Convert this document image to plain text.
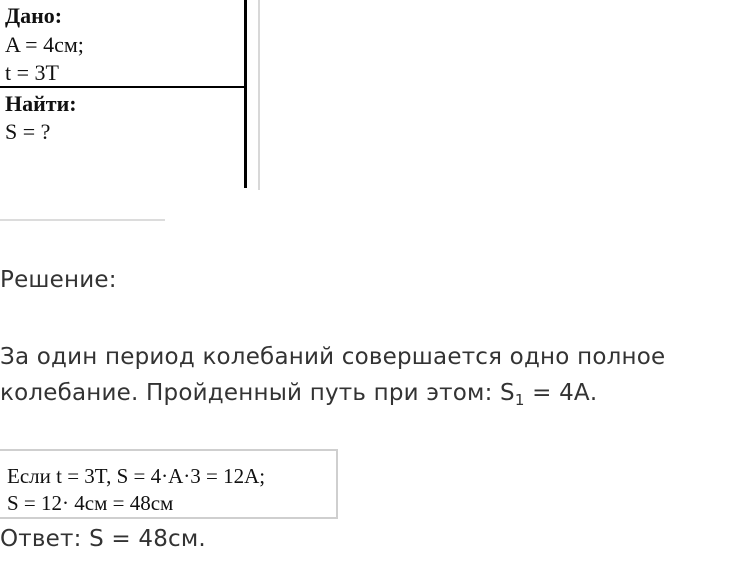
Дано:
A = 4см;
t = 3T
Найти:
S = ?
Решение:
За один период колебаний совершается одно полное
колебание. Пройденный путь при этом: $S_1 = 4А$.
Если t = 3T, S = 4·A·3 = 12A;
S = 12· 4см = 48см
Ответ: S = 48см.
